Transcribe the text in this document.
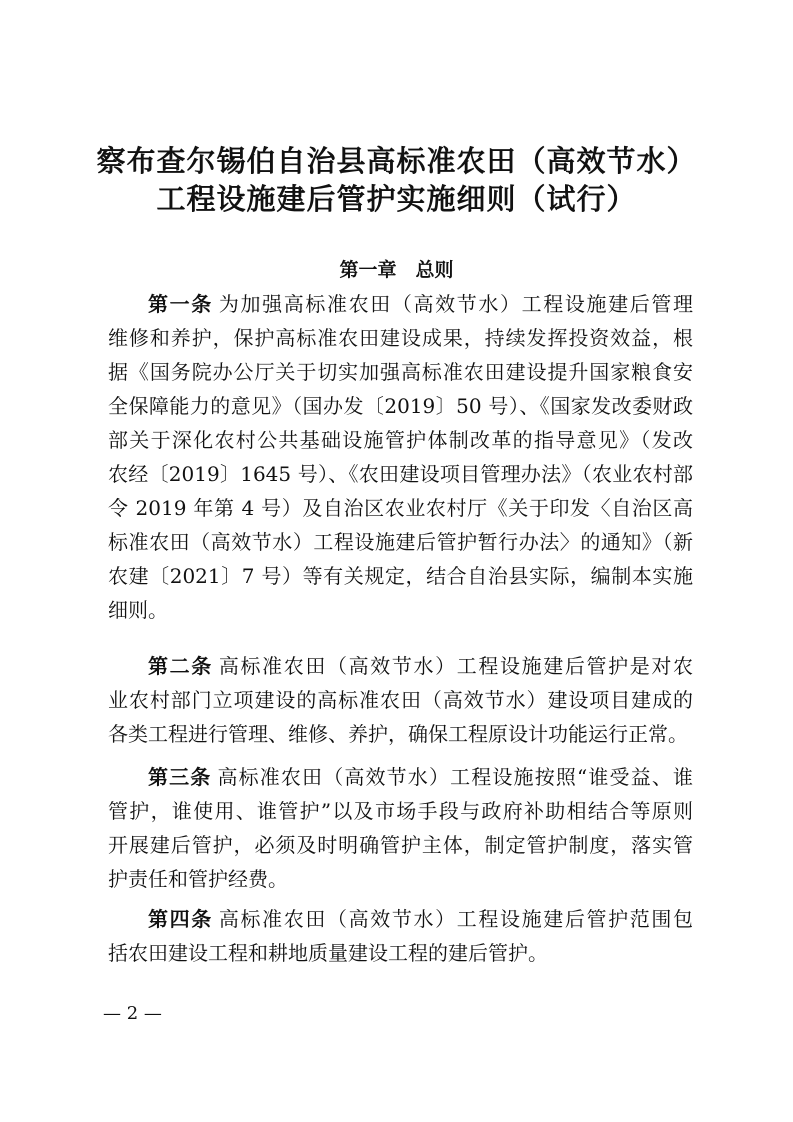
察布查尔锡伯自治县高标准农田（高效节水）
工程设施建后管护实施细则（试行）
第一章　总则
第一条 为加强高标准农田（高效节水）工程设施建后管理
维修和养护，保护高标准农田建设成果，持续发挥投资效益，根
据《国务院办公厅关于切实加强高标准农田建设提升国家粮食安
全保障能力的意见》（国办发〔2019〕50 号）、《国家发改委财政
部关于深化农村公共基础设施管护体制改革的指导意见》（发改
农经〔2019〕1645 号）、《农田建设项目管理办法》（农业农村部
令 2019 年第 4 号）及自治区农业农村厅《关于印发〈自治区高
标准农田（高效节水）工程设施建后管护暂行办法〉的通知》（新
农建〔2021〕7 号）等有关规定，结合自治县实际，编制本实施
细则。
第二条 高标准农田（高效节水）工程设施建后管护是对农
业农村部门立项建设的高标准农田（高效节水）建设项目建成的
各类工程进行管理、维修、养护，确保工程原设计功能运行正常。
第三条 高标准农田（高效节水）工程设施按照“谁受益、谁
管护，谁使用、谁管护”以及市场手段与政府补助相结合等原则
开展建后管护，必须及时明确管护主体，制定管护制度，落实管
护责任和管护经费。
第四条 高标准农田（高效节水）工程设施建后管护范围包
括农田建设工程和耕地质量建设工程的建后管护。
— 2 —
